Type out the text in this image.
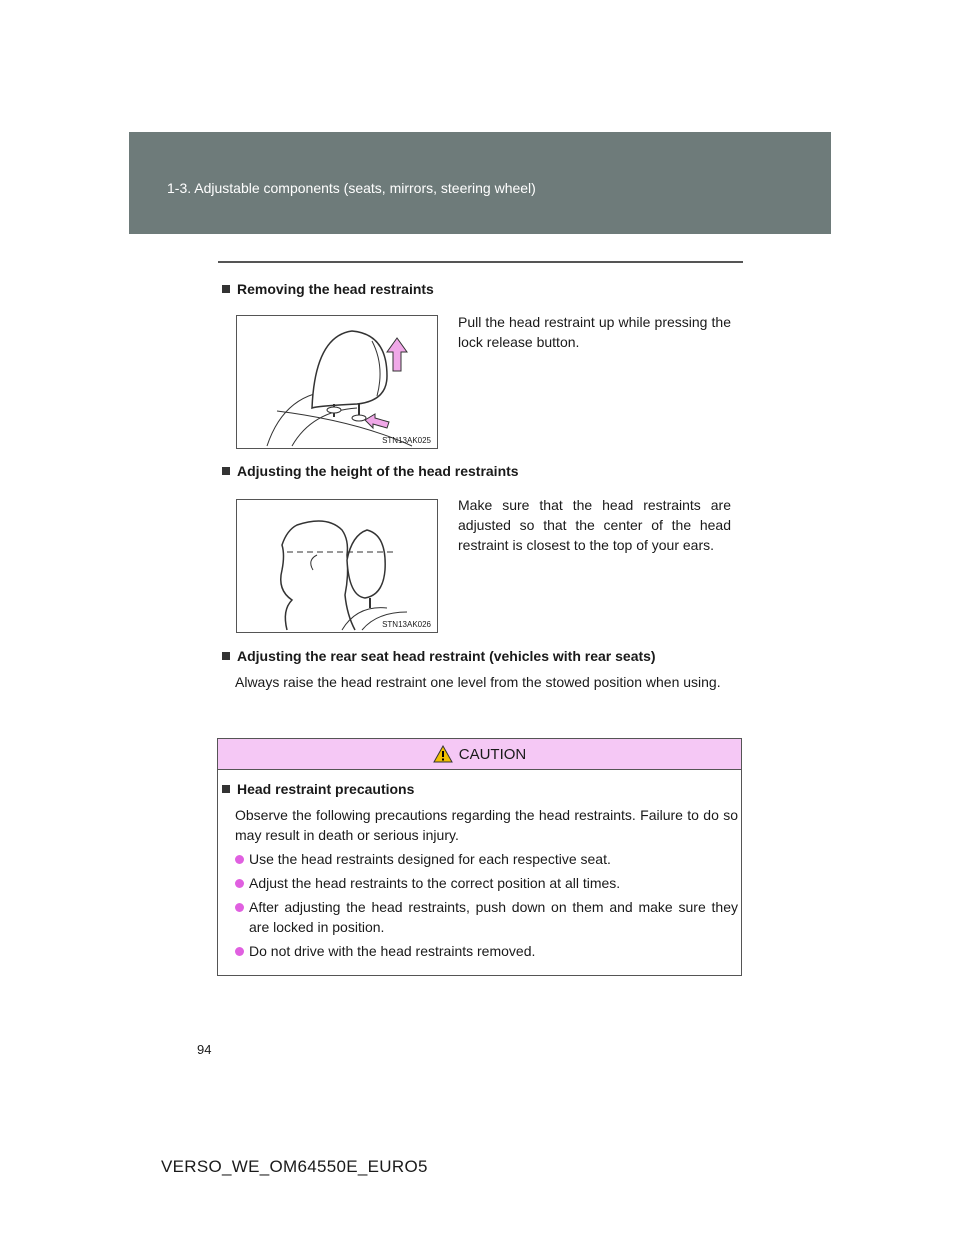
1-3. Adjustable components (seats, mirrors, steering wheel)
Removing the head restraints
Pull the head restraint up while pressing the lock release button.
STN13AK025
Adjusting the height of the head restraints
Make sure that the head restraints are adjusted so that the center of the head restraint is closest to the top of your ears.
STN13AK026
Adjusting the rear seat head restraint (vehicles with rear seats)
Always raise the head restraint one level from the stowed position when using.
CAUTION
Head restraint precautions
Observe the following precautions regarding the head restraints. Failure to do so may result in death or serious injury.
Use the head restraints designed for each respective seat.
Adjust the head restraints to the correct position at all times.
After adjusting the head restraints, push down on them and make sure they are locked in position.
Do not drive with the head restraints removed.
94
VERSO_WE_OM64550E_EURO5
